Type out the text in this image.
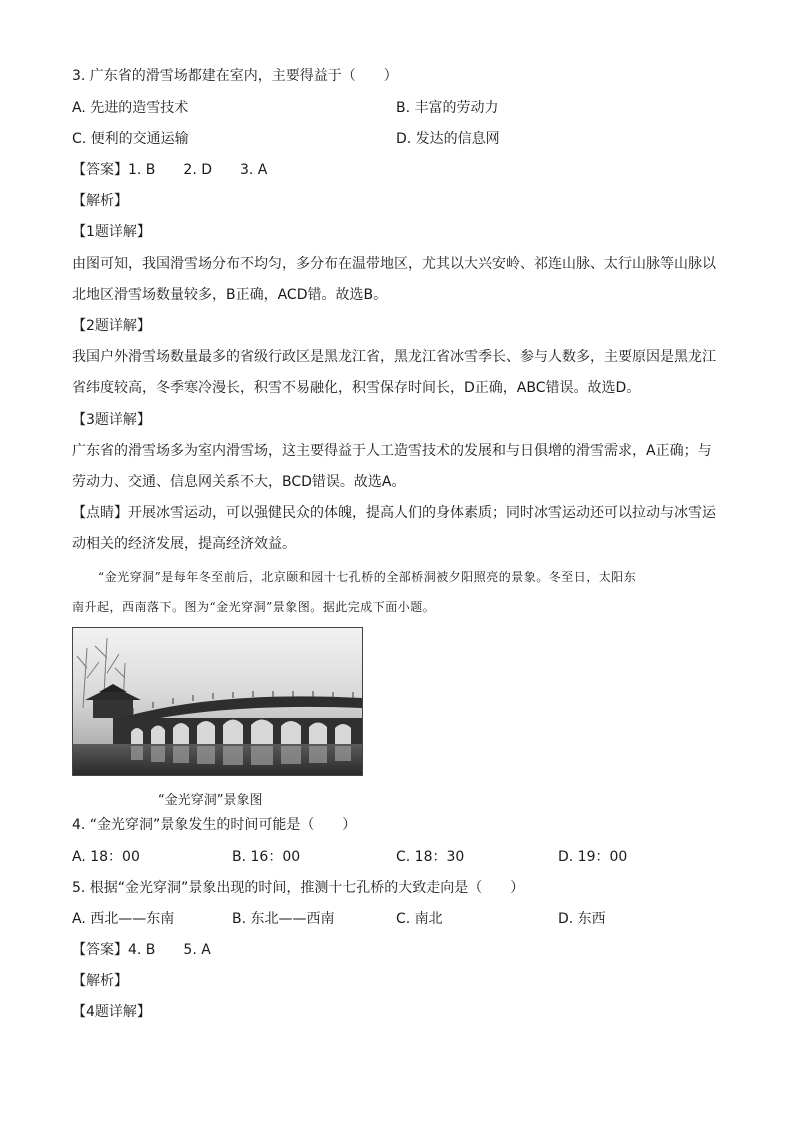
3. 广东省的滑雪场都建在室内，主要得益于（　　）
A. 先进的造雪技术	B. 丰富的劳动力
C. 便利的交通运输	D. 发达的信息网
【答案】1. B　　2. D　　3. A
【解析】
【1题详解】
由图可知，我国滑雪场分布不均匀，多分布在温带地区，尤其以大兴安岭、祁连山脉、太行山脉等山脉以
北地区滑雪场数量较多，B正确，ACD错。故选B。
【2题详解】
我国户外滑雪场数量最多的省级行政区是黑龙江省，黑龙江省冰雪季长、参与人数多，主要原因是黑龙江
省纬度较高，冬季寒冷漫长，积雪不易融化，积雪保存时间长，D正确，ABC错误。故选D。
【3题详解】
广东省的滑雪场多为室内滑雪场，这主要得益于人工造雪技术的发展和与日俱增的滑雪需求，A正确；与
劳动力、交通、信息网关系不大，BCD错误。故选A。
【点睛】开展冰雪运动，可以强健民众的体魄，提高人们的身体素质；同时冰雪运动还可以拉动与冰雪运
动相关的经济发展，提高经济效益。
“金光穿洞”是每年冬至前后，北京颐和园十七孔桥的全部桥洞被夕阳照亮的景象。冬至日，太阳东
南升起，西南落下。图为“金光穿洞”景象图。据此完成下面小题。
“金光穿洞”景象图
4. “金光穿洞”景象发生的时间可能是（　　）
A. 18：00	B. 16：00	C. 18：30	D. 19：00
5. 根据“金光穿洞”景象出现的时间，推测十七孔桥的大致走向是（　　）
A. 西北——东南	B. 东北——西南	C. 南北	D. 东西
【答案】4. B　　5. A
【解析】
【4题详解】
